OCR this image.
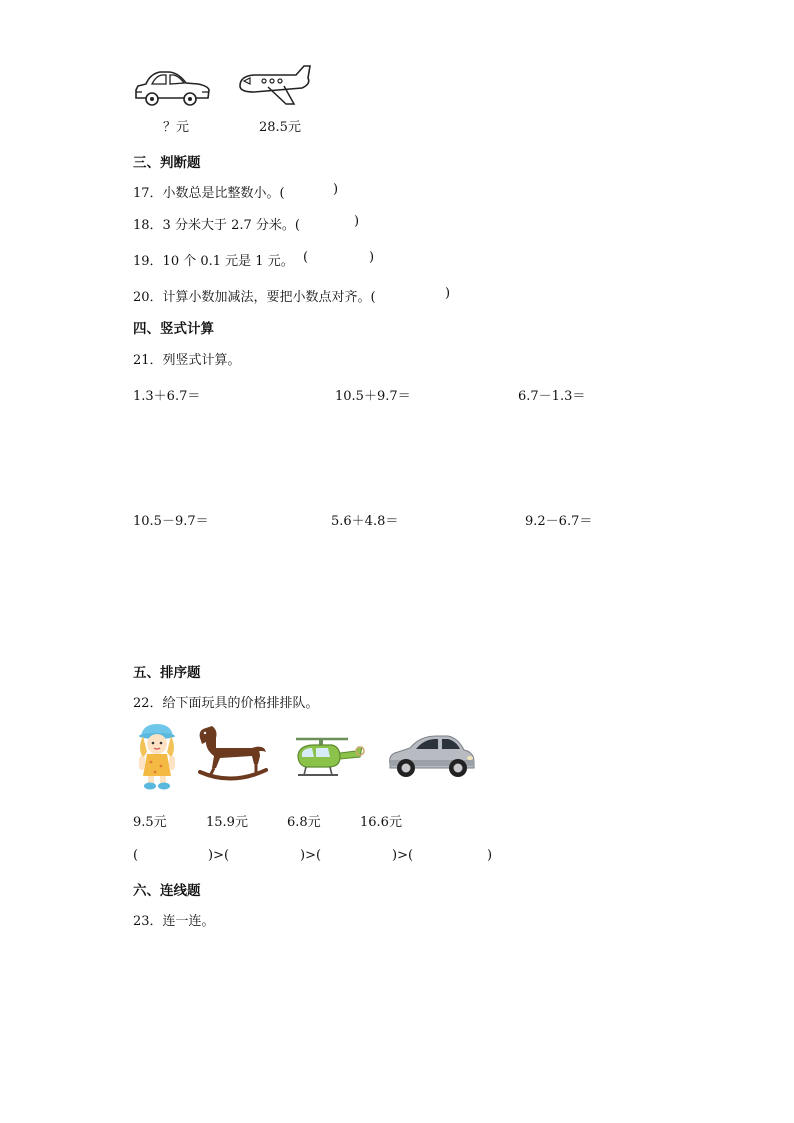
？元	28.5元
三、判断题
17．小数总是比整数小。(	)
18．3 分米大于 2.7 分米。(	)
19．10 个 0.1 元是 1 元。 (	)
20．计算小数加减法，要把小数点对齐。(	)
四、竖式计算
21．列竖式计算。
1.3＋6.7＝	10.5＋9.7＝	6.7－1.3＝
10.5－9.7＝	5.6＋4.8＝	9.2－6.7＝
五、排序题
22．给下面玩具的价格排排队。
9.5元	15.9元	6.8元	16.6元
(	)>(	)>(	)>(	)
六、连线题
23．连一连。
